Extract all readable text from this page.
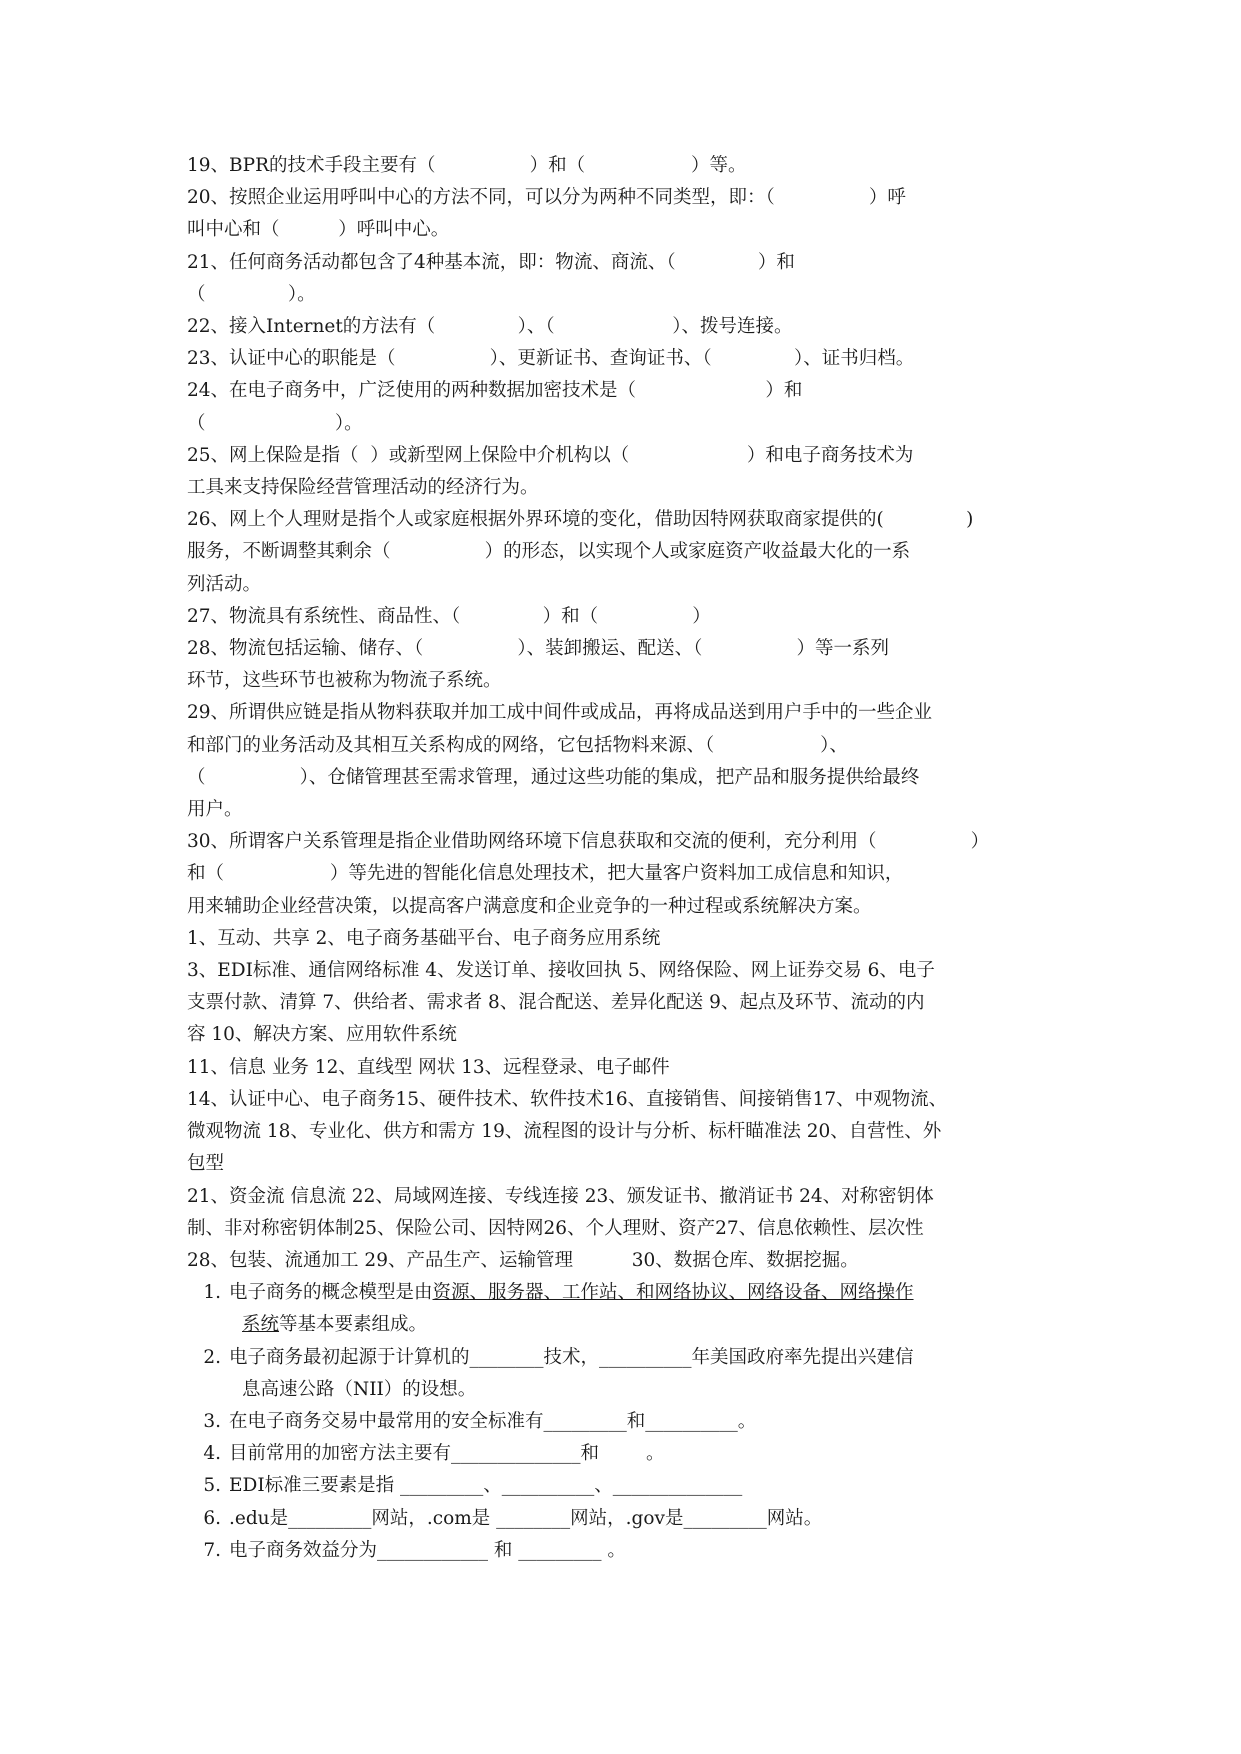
19、BPR的技术手段主要有（                ）和（                  ）等。

20、按照企业运用呼叫中心的方法不同，可以分为两种不同类型，即：（                ）呼

叫中心和（          ）呼叫中心。

21、任何商务活动都包含了4种基本流，即：物流、商流、（              ）和

（              ）。

22、接入Internet的方法有（              ）、（                    ）、拨号连接。

23、认证中心的职能是（                ）、更新证书、查询证书、（              ）、证书归档。

24、在电子商务中，广泛使用的两种数据加密技术是（                      ）和

（                      ）。

25、网上保险是指（  ）或新型网上保险中介机构以（                    ）和电子商务技术为

工具来支持保险经营管理活动的经济行为。

26、网上个人理财是指个人或家庭根据外界环境的变化，借助因特网获取商家提供的(              )

服务，不断调整其剩余（                ）的形态，以实现个人或家庭资产收益最大化的一系

列活动。

27、物流具有系统性、商品性、（              ）和（                ）

28、物流包括运输、储存、（                ）、装卸搬运、配送、（                ）等一系列

环节，这些环节也被称为物流子系统。

29、所谓供应链是指从物料获取并加工成中间件或成品，再将成品送到用户手中的一些企业

和部门的业务活动及其相互关系构成的网络，它包括物料来源、（                  ）、

（                ）、仓储管理甚至需求管理，通过这些功能的集成，把产品和服务提供给最终

用户。

30、所谓客户关系管理是指企业借助网络环境下信息获取和交流的便利，充分利用（                ）

和（                  ）等先进的智能化信息处理技术，把大量客户资料加工成信息和知识，

用来辅助企业经营决策，以提高客户满意度和企业竞争的一种过程或系统解决方案。

1、互动、共享 2、电子商务基础平台、电子商务应用系统

3、EDI标准、通信网络标准 4、发送订单、接收回执 5、网络保险、网上证券交易 6、电子

支票付款、清算 7、供给者、需求者 8、混合配送、差异化配送 9、起点及环节、流动的内

容 10、解决方案、应用软件系统

11、信息 业务 12、直线型 网状 13、远程登录、电子邮件

14、认证中心、电子商务15、硬件技术、软件技术16、直接销售、间接销售17、中观物流、

微观物流 18、专业化、供方和需方 19、流程图的设计与分析、标杆瞄准法 20、自营性、外

包型

21、资金流 信息流 22、局域网连接、专线连接 23、颁发证书、撤消证书 24、对称密钥体

制、非对称密钥体制25、保险公司、因特网26、个人理财、资产27、信息依赖性、层次性

28、包装、流通加工 29、产品生产、运输管理          30、数据仓库、数据挖掘。

1. 电子商务的概念模型是由资源、服务器、工作站、和网络协议、网络设备、网络操作

系统等基本要素组成。

2. 电子商务最初起源于计算机的________技术，__________年美国政府率先提出兴建信

息高速公路（NII）的设想。

3. 在电子商务交易中最常用的安全标准有_________和__________。

4. 目前常用的加密方法主要有______________和        。

5. EDI标准三要素是指 _________、__________、______________

6. .edu是_________网站，.com是 ________网站，.gov是_________网站。

7. 电子商务效益分为____________ 和 _________ 。
